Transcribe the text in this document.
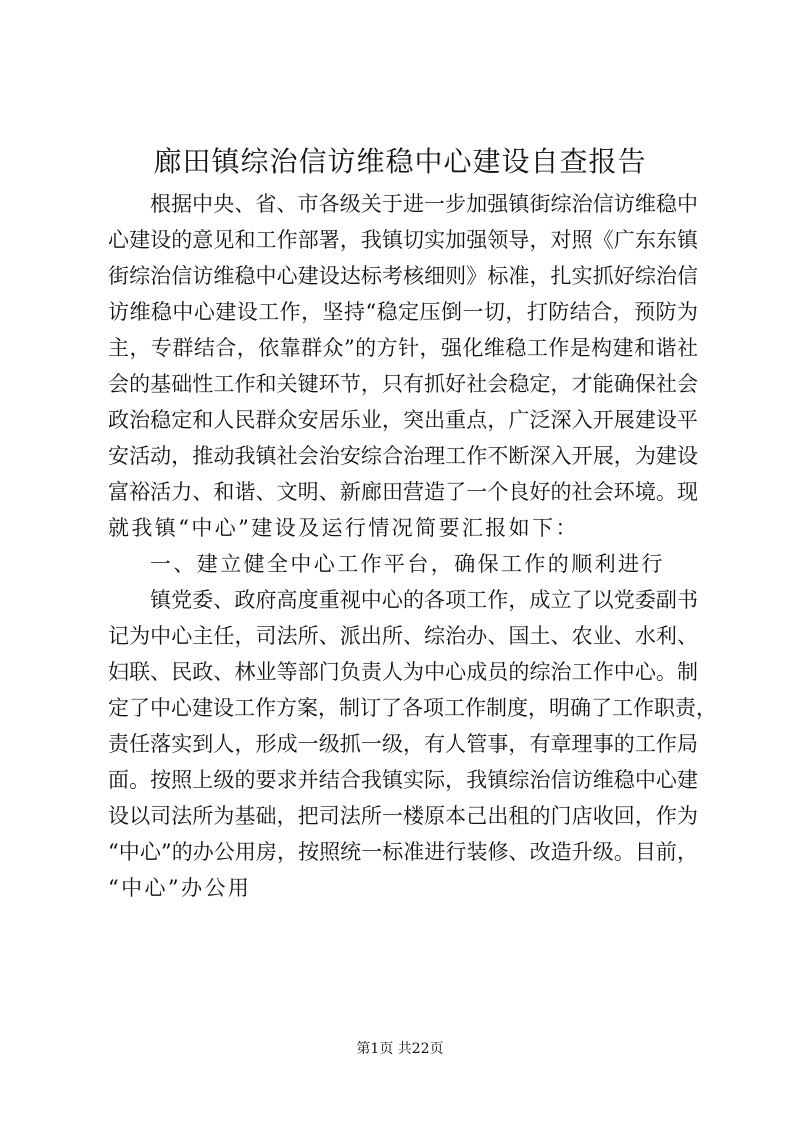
廊田镇综治信访维稳中心建设自查报告
根据中央、省、市各级关于进一步加强镇街综治信访维稳中
心建设的意见和工作部署，我镇切实加强领导，对照《广东东镇
街综治信访维稳中心建设达标考核细则》标准，扎实抓好综治信
访维稳中心建设工作，坚持“稳定压倒一切，打防结合，预防为
主，专群结合，依靠群众”的方针，强化维稳工作是构建和谐社
会的基础性工作和关键环节，只有抓好社会稳定，才能确保社会
政治稳定和人民群众安居乐业，突出重点，广泛深入开展建设平
安活动，推动我镇社会治安综合治理工作不断深入开展，为建设
富裕活力、和谐、文明、新廊田营造了一个良好的社会环境。现
就我镇“中心”建设及运行情况简要汇报如下：
一、建立健全中心工作平台，确保工作的顺利进行
镇党委、政府高度重视中心的各项工作，成立了以党委副书
记为中心主任，司法所、派出所、综治办、国土、农业、水利、
妇联、民政、林业等部门负责人为中心成员的综治工作中心。制
定了中心建设工作方案，制订了各项工作制度，明确了工作职责，
责任落实到人，形成一级抓一级，有人管事，有章理事的工作局
面。按照上级的要求并结合我镇实际，我镇综治信访维稳中心建
设以司法所为基础，把司法所一楼原本己出租的门店收回，作为
“中心”的办公用房，按照统一标准进行装修、改造升级。目前，
“中心”办公用
第1页 共22页
